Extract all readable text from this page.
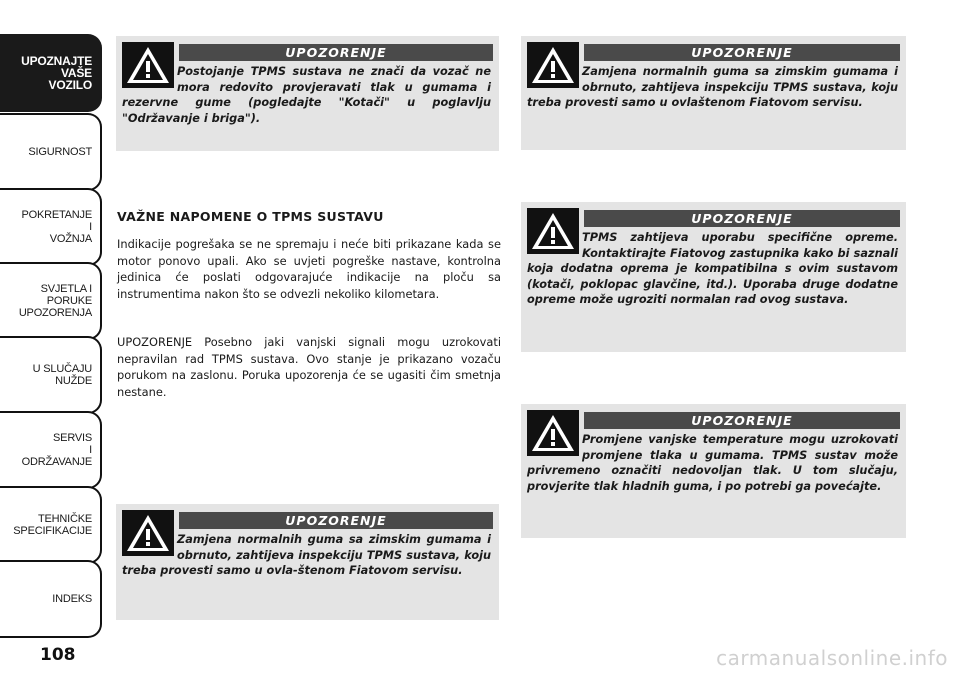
UPOZNAJTE
VAŠE
VOZILO
SIGURNOST
POKRETANJE
I
VOŽNJA
SVJETLA I
PORUKE
UPOZORENJA
U SLUČAJU
NUŽDE
SERVIS
I
ODRŽAVANJE
TEHNIČKE
SPECIFIKACIJE
INDEKS
108
UPOZORENJE
Postojanje TPMS sustava ne znači da vozač ne mora redovito provjeravati tlak u gumama i rezervne gume (pogledajte "Kotači" u poglavlju "Održavanje i briga").
VAŽNE NAPOMENE O TPMS SUSTAVU
Indikacije pogrešaka se ne spremaju i neće biti prikazane kada se motor ponovo upali. Ako se uvjeti pogreške nastave, kontrolna jedinica će poslati odgovarajuće indikacije na ploču sa instrumentima nakon što se odvezli nekoliko kilometara.
UPOZORENJE Posebno jaki vanjski signali mogu uzrokovati nepravilan rad TPMS sustava. Ovo stanje je prikazano vozaču porukom na zaslonu. Poruka upozorenja će se ugasiti čim smetnja nestane.
UPOZORENJE
Zamjena normalnih guma sa zimskim gumama i obrnuto, zahtijeva inspekciju TPMS sustava, koju treba provesti samo u ovla-štenom Fiatovom servisu.
UPOZORENJE
Zamjena normalnih guma sa zimskim gumama i obrnuto, zahtijeva inspekciju TPMS sustava, koju treba provesti samo u ovlaštenom Fiatovom servisu.
UPOZORENJE
TPMS zahtijeva uporabu specifične opreme. Kontaktirajte Fiatovog zastupnika kako bi saznali koja dodatna oprema je kompatibilna s ovim sustavom (kotači, poklopac glavčine, itd.). Uporaba druge dodatne opreme može ugroziti normalan rad ovog sustava.
UPOZORENJE
Promjene vanjske temperature mogu uzrokovati promjene tlaka u gumama. TPMS sustav može privremeno označiti nedovoljan tlak. U tom slučaju, provjerite tlak hladnih guma, i po potrebi ga povećajte.
carmanualsonline.info
